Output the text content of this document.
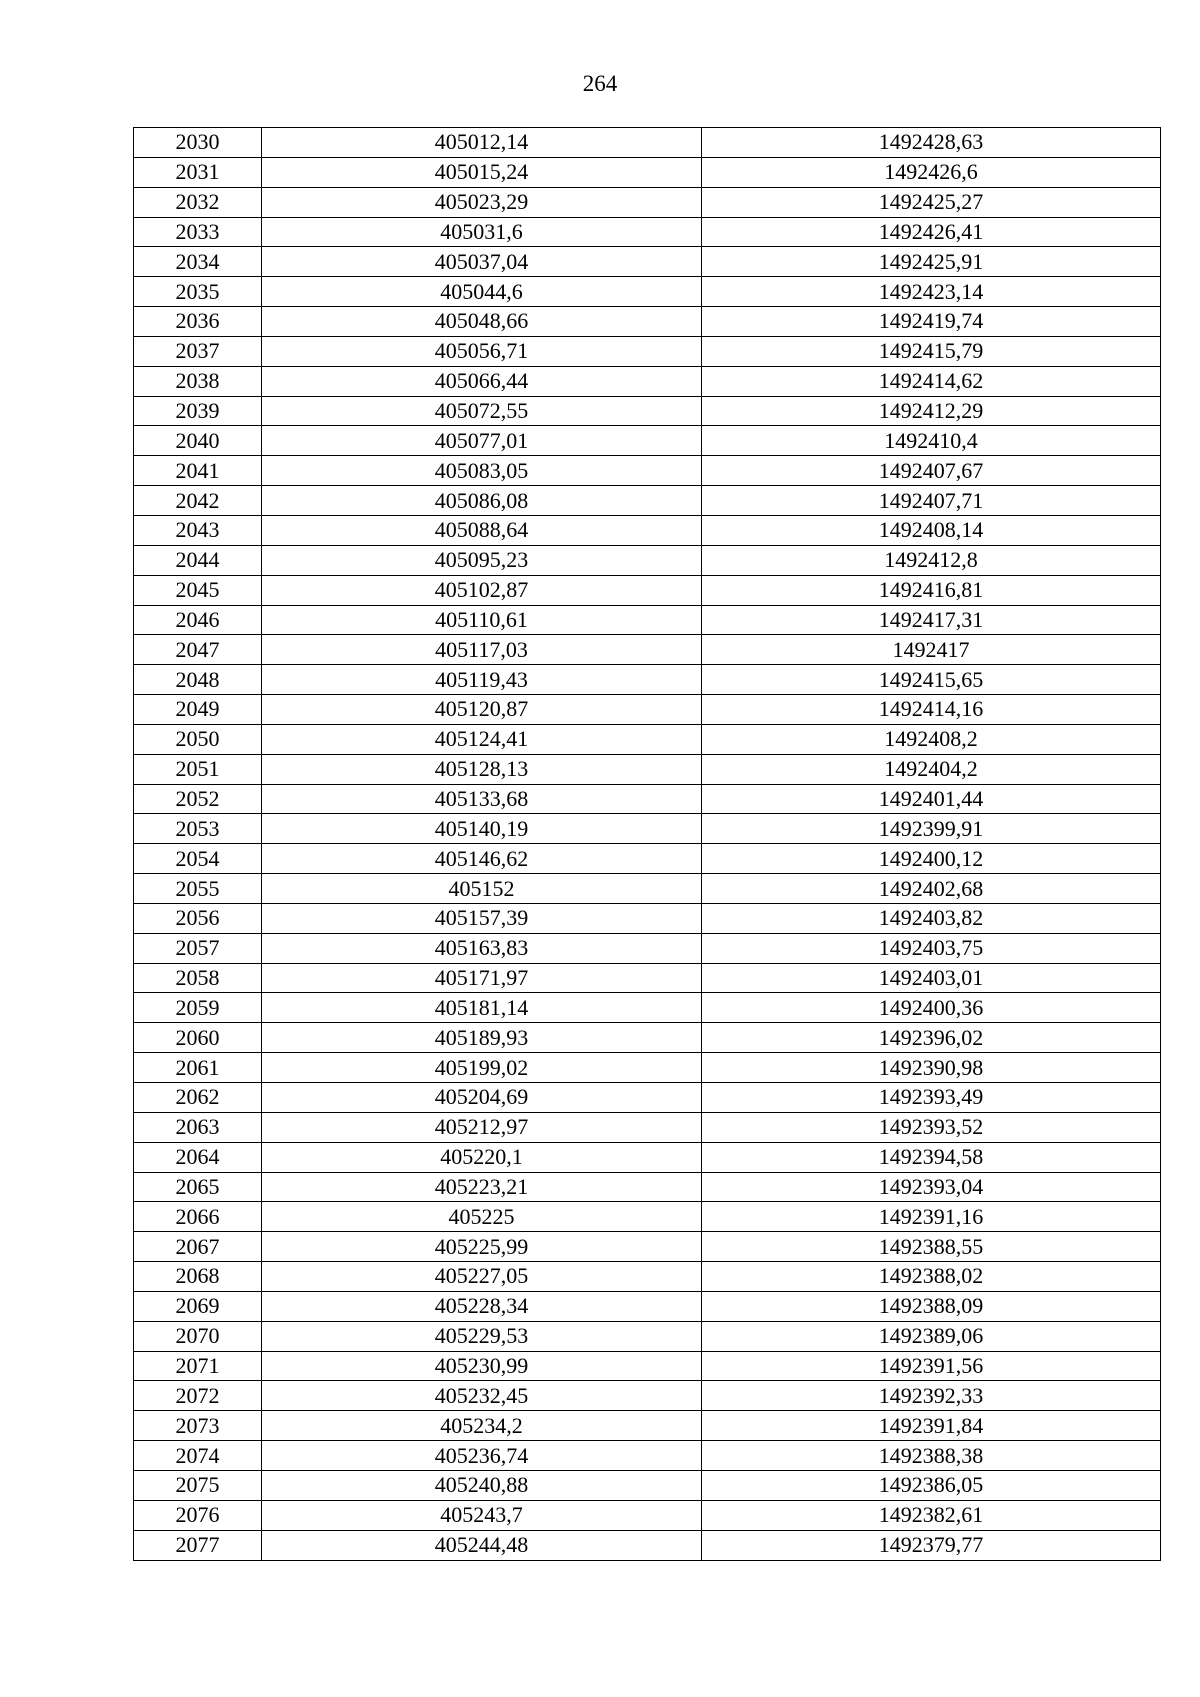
264
2030	405012,14	1492428,63
2031	405015,24	1492426,6
2032	405023,29	1492425,27
2033	405031,6	1492426,41
2034	405037,04	1492425,91
2035	405044,6	1492423,14
2036	405048,66	1492419,74
2037	405056,71	1492415,79
2038	405066,44	1492414,62
2039	405072,55	1492412,29
2040	405077,01	1492410,4
2041	405083,05	1492407,67
2042	405086,08	1492407,71
2043	405088,64	1492408,14
2044	405095,23	1492412,8
2045	405102,87	1492416,81
2046	405110,61	1492417,31
2047	405117,03	1492417
2048	405119,43	1492415,65
2049	405120,87	1492414,16
2050	405124,41	1492408,2
2051	405128,13	1492404,2
2052	405133,68	1492401,44
2053	405140,19	1492399,91
2054	405146,62	1492400,12
2055	405152	1492402,68
2056	405157,39	1492403,82
2057	405163,83	1492403,75
2058	405171,97	1492403,01
2059	405181,14	1492400,36
2060	405189,93	1492396,02
2061	405199,02	1492390,98
2062	405204,69	1492393,49
2063	405212,97	1492393,52
2064	405220,1	1492394,58
2065	405223,21	1492393,04
2066	405225	1492391,16
2067	405225,99	1492388,55
2068	405227,05	1492388,02
2069	405228,34	1492388,09
2070	405229,53	1492389,06
2071	405230,99	1492391,56
2072	405232,45	1492392,33
2073	405234,2	1492391,84
2074	405236,74	1492388,38
2075	405240,88	1492386,05
2076	405243,7	1492382,61
2077	405244,48	1492379,77
